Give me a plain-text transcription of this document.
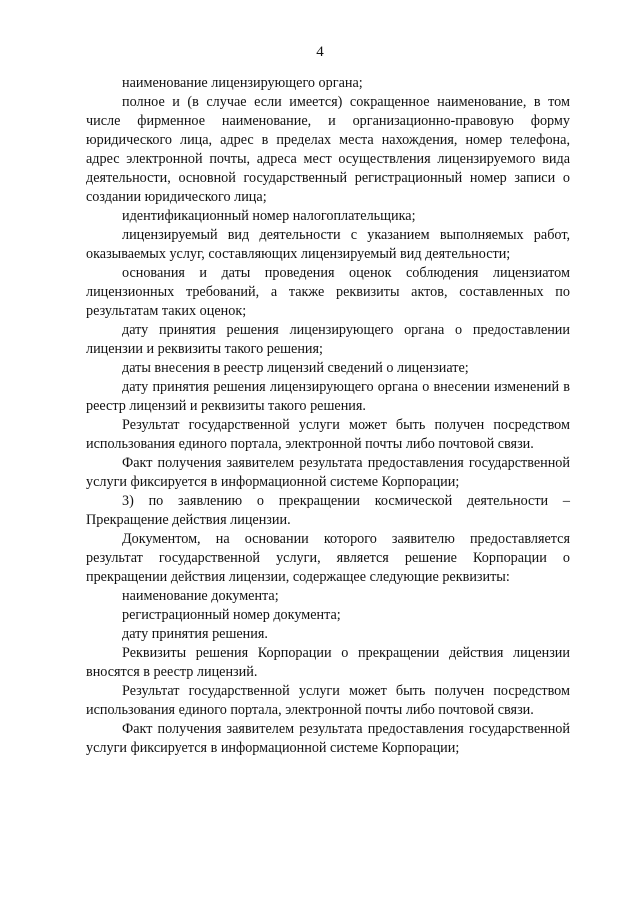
4

наименование лицензирующего органа;

полное и (в случае если имеется) сокращенное наименование, в том числе фирменное наименование, и организационно-правовую форму юридического лица, адрес в пределах места нахождения, номер телефона, адрес электронной почты, адреса мест осуществления лицензируемого вида деятельности, основной государственный регистрационный номер записи о создании юридического лица;

идентификационный номер налогоплательщика;

лицензируемый вид деятельности с указанием выполняемых работ, оказываемых услуг, составляющих лицензируемый вид деятельности;

основания и даты проведения оценок соблюдения лицензиатом лицензионных требований, а также реквизиты актов, составленных по результатам таких оценок;

дату принятия решения лицензирующего органа о предоставлении лицензии и реквизиты такого решения;

даты внесения в реестр лицензий сведений о лицензиате;

дату принятия решения лицензирующего органа о внесении изменений в реестр лицензий и реквизиты такого решения.

Результат государственной услуги может быть получен посредством использования единого портала, электронной почты либо почтовой связи.

Факт получения заявителем результата предоставления государственной услуги фиксируется в информационной системе Корпорации;

3) по заявлению о прекращении космической деятельности – Прекращение действия лицензии.

Документом, на основании которого заявителю предоставляется результат государственной услуги, является решение Корпорации о прекращении действия лицензии, содержащее следующие реквизиты:

наименование документа;

регистрационный номер документа;

дату принятия решения.

Реквизиты решения Корпорации о прекращении действия лицензии вносятся в реестр лицензий.

Результат государственной услуги может быть получен посредством использования единого портала, электронной почты либо почтовой связи.

Факт получения заявителем результата предоставления государственной услуги фиксируется в информационной системе Корпорации;
